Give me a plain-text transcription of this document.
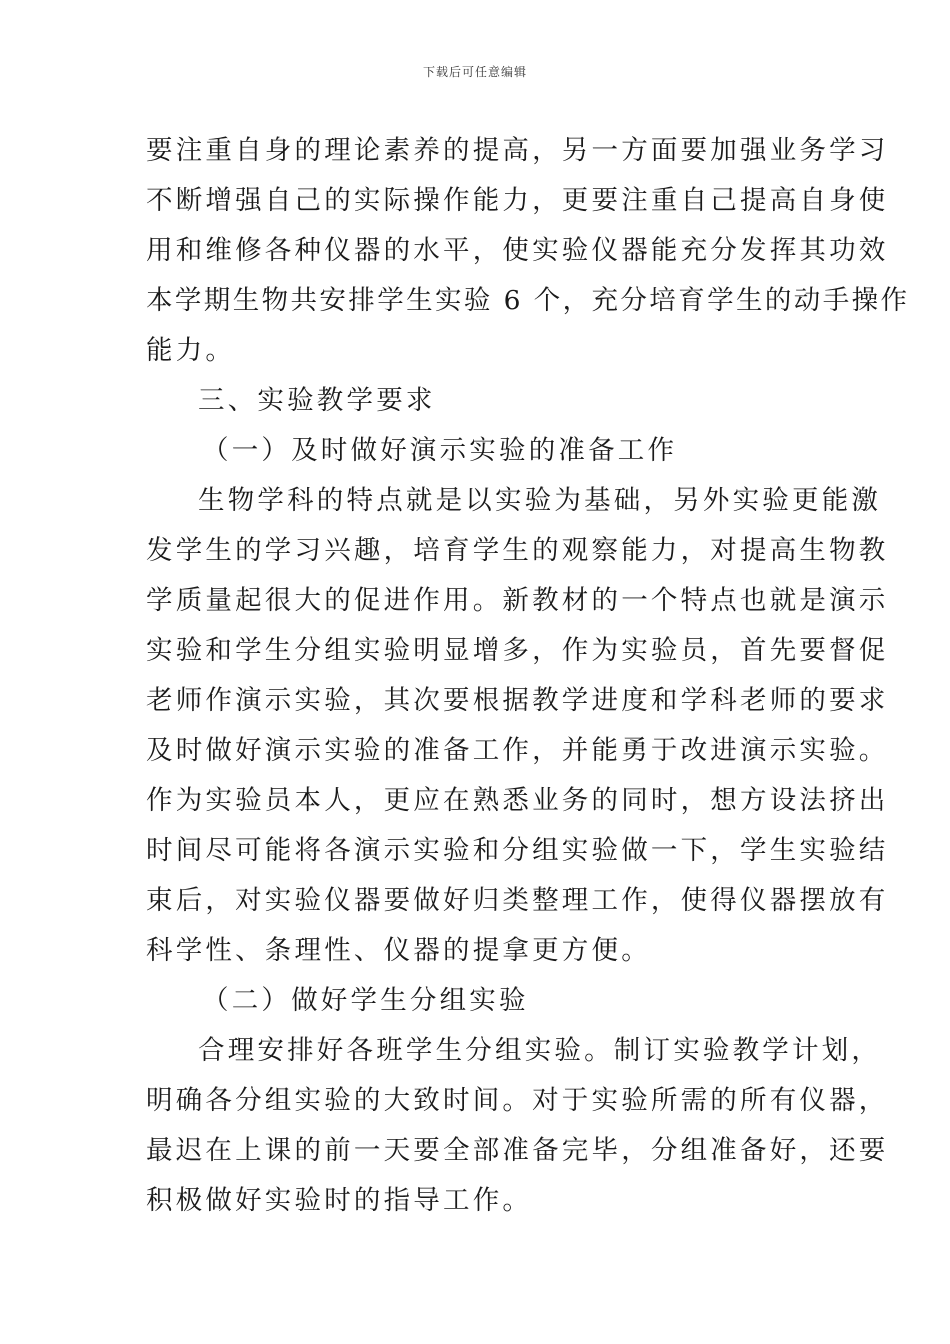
下载后可任意编辑
要注重自身的理论素养的提高，另一方面要加强业务学习
不断增强自己的实际操作能力，更要注重自己提高自身使
用和维修各种仪器的水平，使实验仪器能充分发挥其功效
本学期生物共安排学生实验 6 个，充分培育学生的动手操作
能力。
三、实验教学要求
（一）及时做好演示实验的准备工作
生物学科的特点就是以实验为基础，另外实验更能激
发学生的学习兴趣，培育学生的观察能力，对提高生物教
学质量起很大的促进作用。新教材的一个特点也就是演示
实验和学生分组实验明显增多，作为实验员，首先要督促
老师作演示实验，其次要根据教学进度和学科老师的要求
及时做好演示实验的准备工作，并能勇于改进演示实验。
作为实验员本人，更应在熟悉业务的同时，想方设法挤出
时间尽可能将各演示实验和分组实验做一下，学生实验结
束后，对实验仪器要做好归类整理工作，使得仪器摆放有
科学性、条理性、仪器的提拿更方便。
（二）做好学生分组实验
合理安排好各班学生分组实验。制订实验教学计划，
明确各分组实验的大致时间。对于实验所需的所有仪器，
最迟在上课的前一天要全部准备完毕，分组准备好，还要
积极做好实验时的指导工作。
